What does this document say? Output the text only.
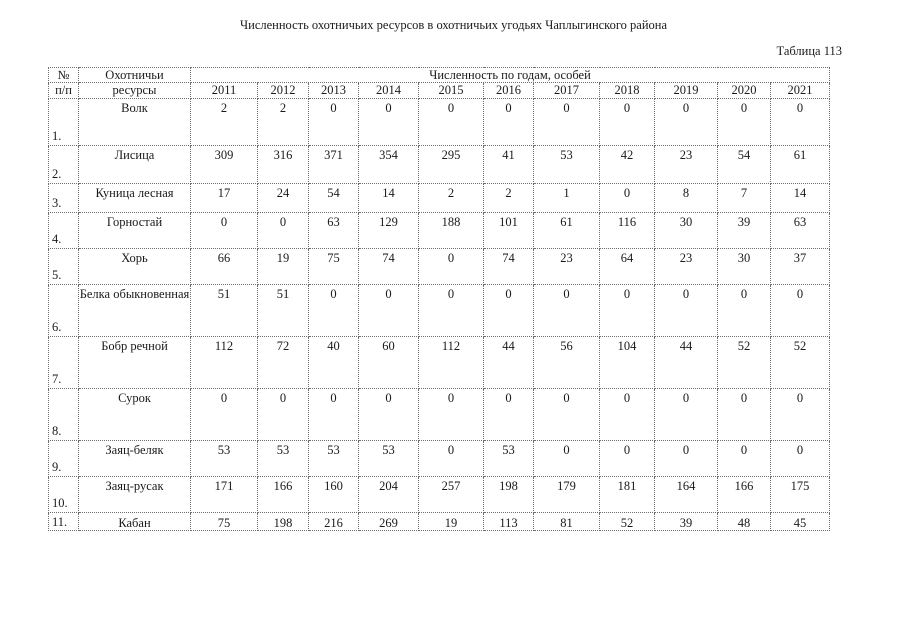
Численность охотничьих ресурсов в охотничьих угодьях Чаплыгинского района
Таблица 113
№	Охотничьи	Численность по годам, особей										
п/п	ресурсы	2011	2012	2013	2014	2015	2016	2017	2018	2019	2020	2021

1.	Волк	2	2	0	0	0	0	0	0	0	0	0

2.	Лисица	309	316	371	354	295	41	53	42	23	54	61

3.	Куница лесная	17	24	54	14	2	2	1	0	8	7	14

4.	Горностай	0	0	63	129	188	101	61	116	30	39	63

5.	Хорь	66	19	75	74	0	74	23	64	23	30	37

6.	Белка обыкновенная	51	51	0	0	0	0	0	0	0	0	0

7.	Бобр речной	112	72	40	60	112	44	56	104	44	52	52

8.	Сурок	0	0	0	0	0	0	0	0	0	0	0

9.	Заяц-беляк	53	53	53	53	0	53	0	0	0	0	0

10.	Заяц-русак	171	166	160	204	257	198	179	181	164	166	175
11.	Кабан	75	198	216	269	19	113	81	52	39	48	45
